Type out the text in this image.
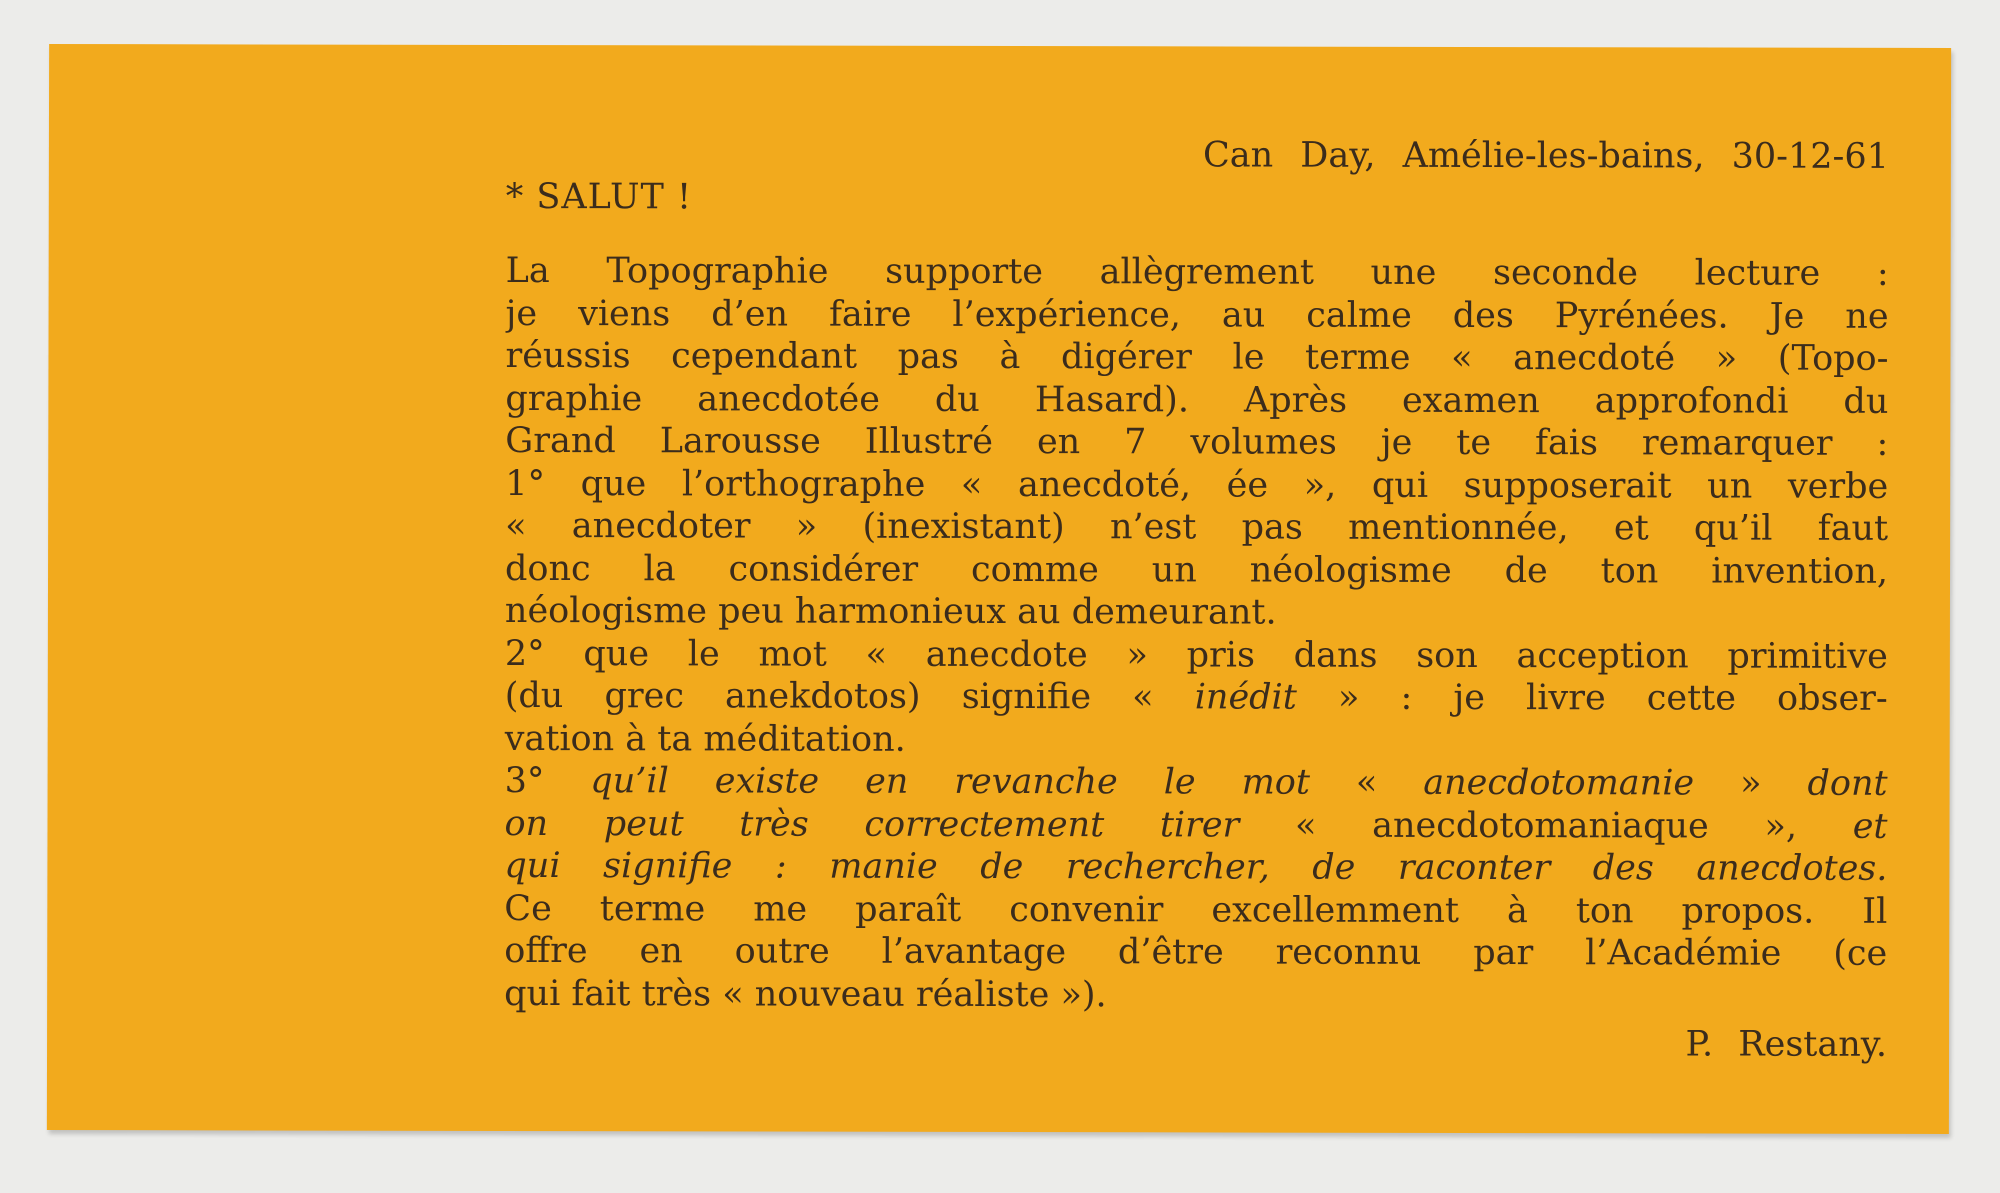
Can Day, Amélie-les-bains, 30-12-61
* SALUT !
La Topographie supporte allègrement une seconde lecture :
je viens d’en faire l’expérience, au calme des Pyrénées. Je ne
réussis cependant pas à digérer le terme « anecdoté » (Topo-
graphie anecdotée du Hasard). Après examen approfondi du
Grand Larousse Illustré en 7 volumes je te fais remarquer :
1° que l’orthographe « anecdoté, ée », qui supposerait un verbe
« anecdoter » (inexistant) n’est pas mentionnée, et qu’il faut
donc la considérer comme un néologisme de ton invention,
néologisme peu harmonieux au demeurant.
2° que le mot « anecdote » pris dans son acception primitive
(du grec anekdotos) signifie « inédit » : je livre cette obser-
vation à ta méditation.
3° qu’il existe en revanche le mot « anecdotomanie » dont
on peut très correctement tirer « anecdotomaniaque », et
qui signifie : manie de rechercher, de raconter des anecdotes.
Ce terme me paraît convenir excellemment à ton propos. Il
offre en outre l’avantage d’être reconnu par l’Académie (ce
qui fait très « nouveau réaliste »).
P. Restany.
